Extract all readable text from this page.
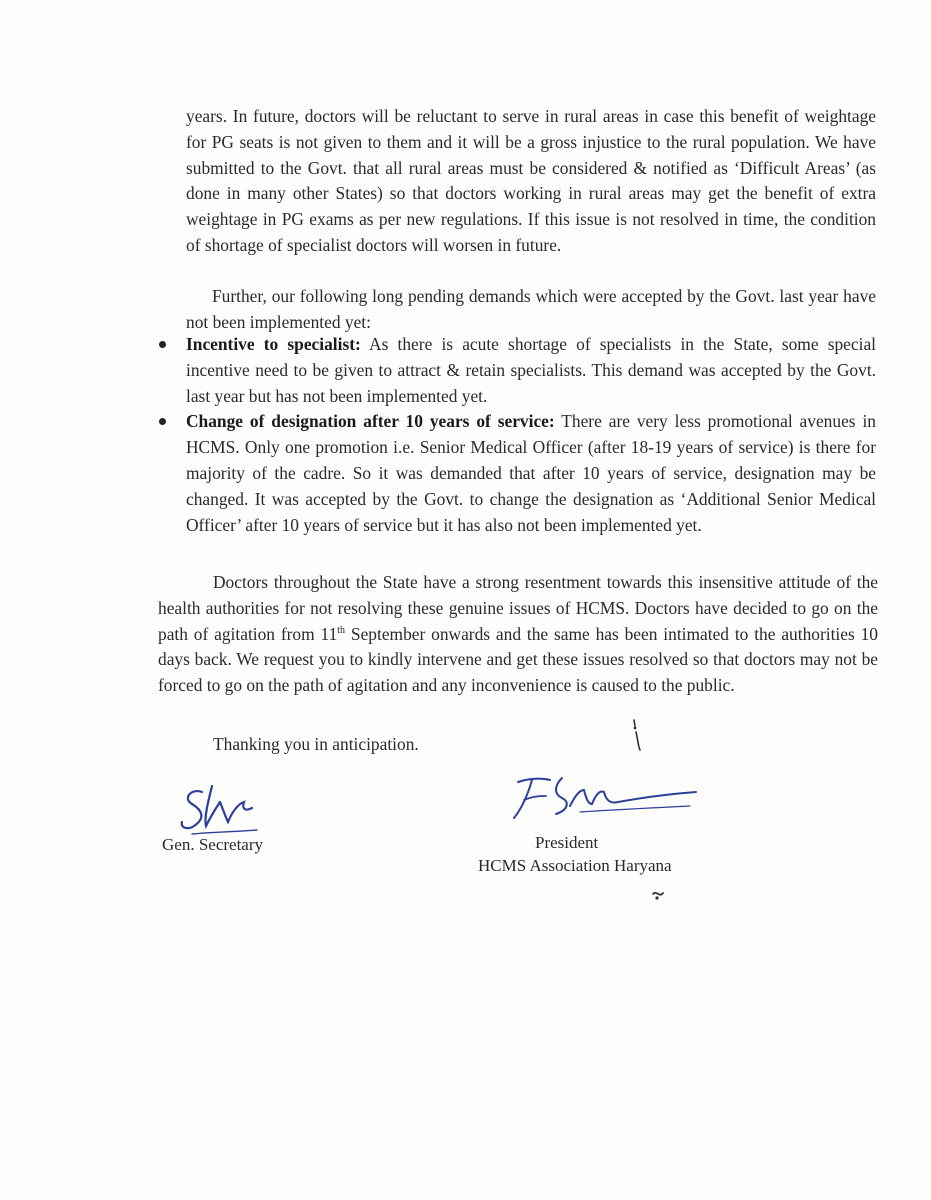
years. In future, doctors will be reluctant to serve in rural areas in case this benefit of weightage for PG seats is not given to them and it will be a gross injustice to the rural population. We have submitted to the Govt. that all rural areas must be considered & notified as ‘Difficult Areas’ (as done in many other States) so that doctors working in rural areas may get the benefit of extra weightage in PG exams as per new regulations. If this issue is not resolved in time, the condition of shortage of specialist doctors will worsen in future.

Further, our following long pending demands which were accepted by the Govt. last year have not been implemented yet:

Incentive to specialist: As there is acute shortage of specialists in the State, some special incentive need to be given to attract & retain specialists. This demand was accepted by the Govt. last year but has not been implemented yet.
Change of designation after 10 years of service: There are very less promotional avenues in HCMS. Only one promotion i.e. Senior Medical Officer (after 18-19 years of service) is there for majority of the cadre. So it was demanded that after 10 years of service, designation may be changed. It was accepted by the Govt. to change the designation as ‘Additional Senior Medical Officer’ after 10 years of service but it has also not been implemented yet.

Doctors throughout the State have a strong resentment towards this insensitive attitude of the health authorities for not resolving these genuine issues of HCMS. Doctors have decided to go on the path of agitation from 11th September onwards and the same has been intimated to the authorities 10 days back. We request you to kindly intervene and get these issues resolved so that doctors may not be forced to go on the path of agitation and any inconvenience is caused to the public.

Thanking you in anticipation.

Gen. Secretary	President
HCMS Association Haryana
